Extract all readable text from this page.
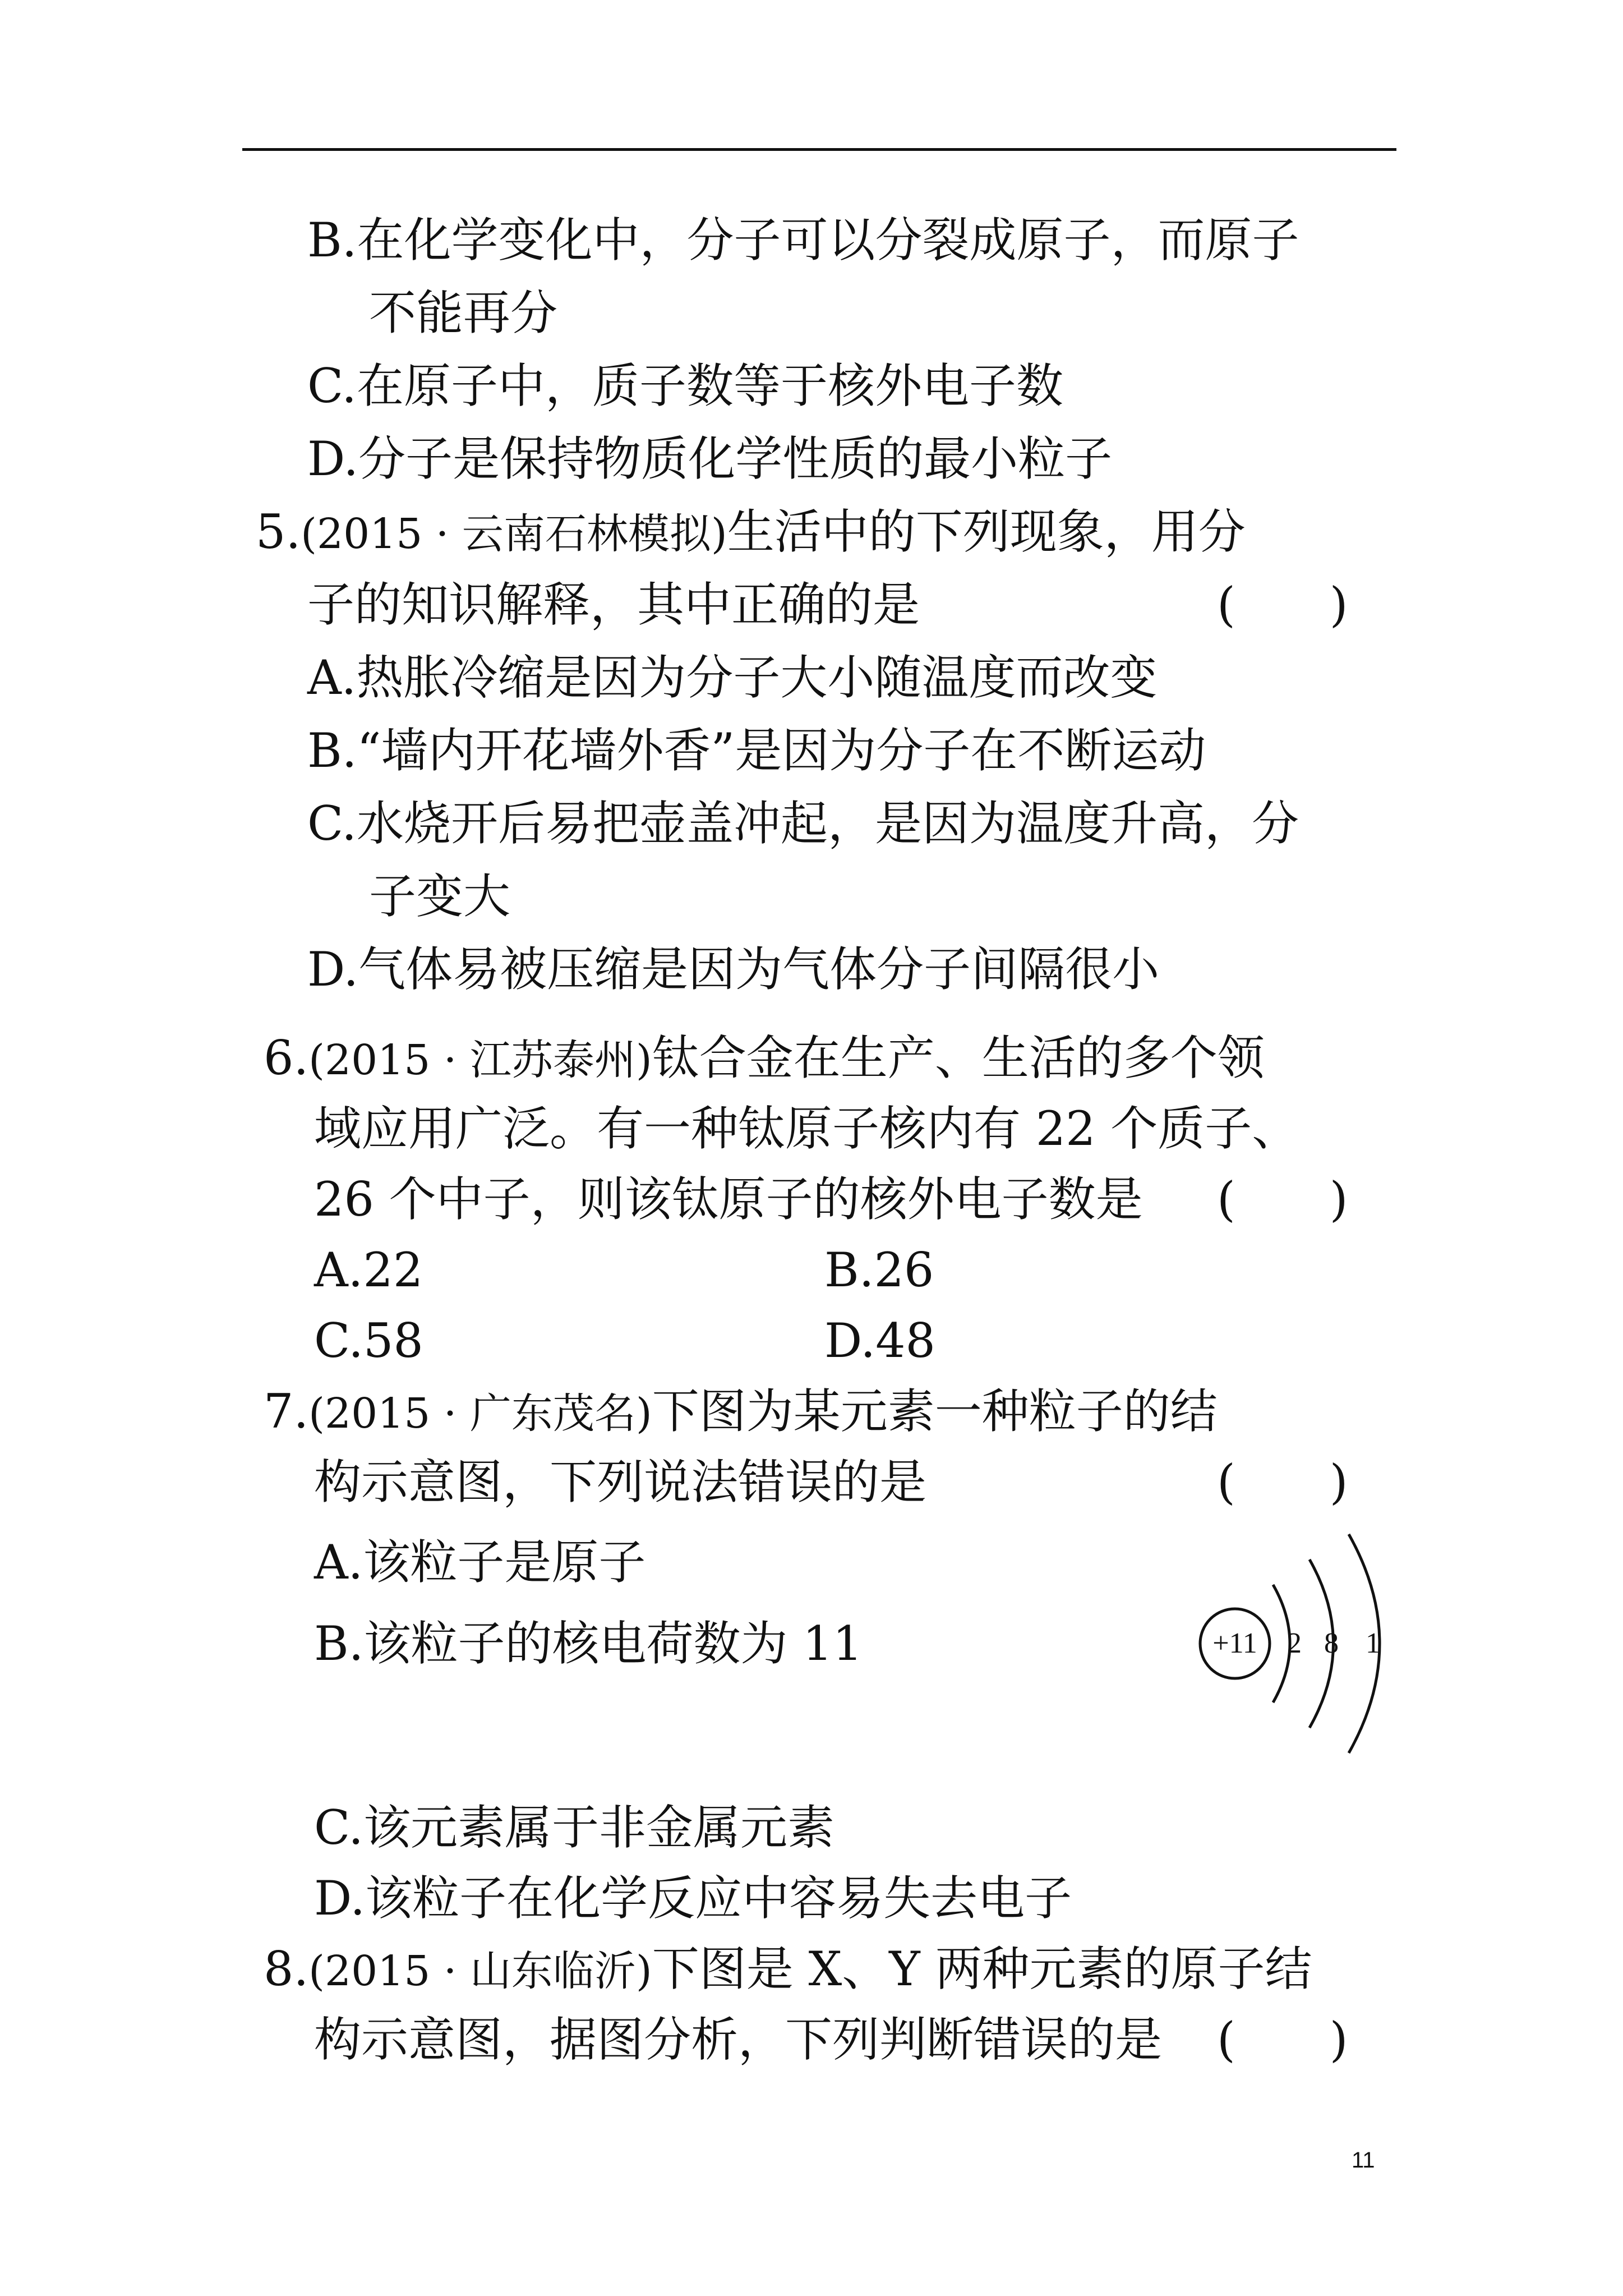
B.在化学变化中，分子可以分裂成原子，而原子
不能再分
C.在原子中，质子数等于核外电子数
D.分子是保持物质化学性质的最小粒子
5.(2015 · 云南石林模拟)生活中的下列现象，用分
子的知识解释，其中正确的是	(　　)
A.热胀冷缩是因为分子大小随温度而改变
B.“墙内开花墙外香”是因为分子在不断运动
C.水烧开后易把壶盖冲起，是因为温度升高，分
子变大
D.气体易被压缩是因为气体分子间隔很小
6.(2015 · 江苏泰州)钛合金在生产、生活的多个领
域应用广泛。有一种钛原子核内有 22 个质子、
26 个中子，则该钛原子的核外电子数是 (　　)
A.22	B.26
C.58	D.48
7.(2015 · 广东茂名)下图为某元素一种粒子的结
构示意图，下列说法错误的是	(　　)
A.该粒子是原子
B.该粒子的核电荷数为 11	+11 2 8 1
C.该元素属于非金属元素
D.该粒子在化学反应中容易失去电子
8.(2015 · 山东临沂)下图是 X、Y 两种元素的原子结
构示意图，据图分析，下列判断错误的是 (　　)
11
